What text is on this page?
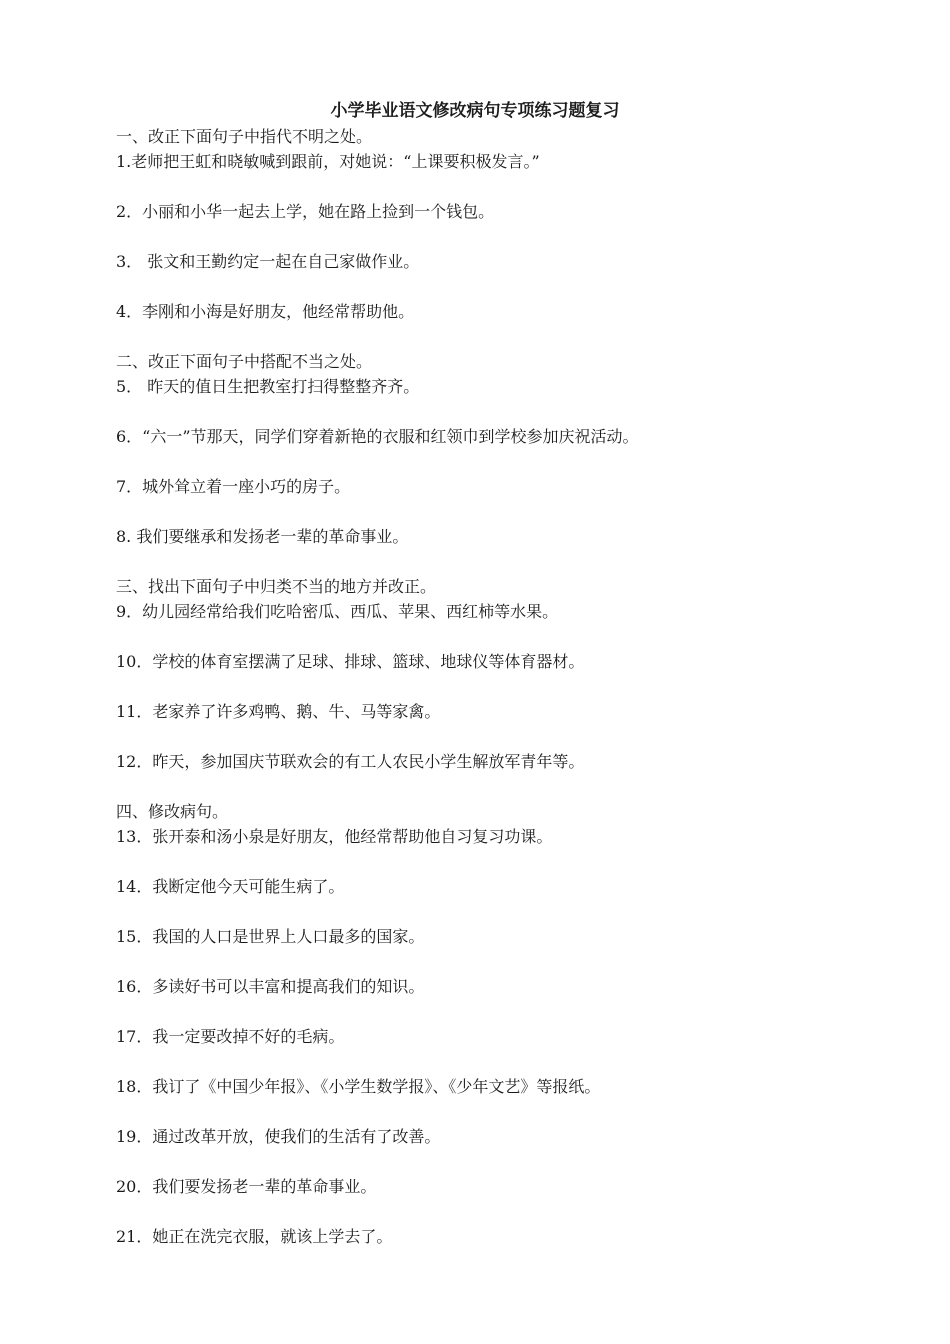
小学毕业语文修改病句专项练习题复习
一、改正下面句子中指代不明之处。
1.老师把王虹和晓敏喊到跟前，对她说：“上课要积极发言。”
2．小丽和小华一起去上学，她在路上捡到一个钱包。
3． 张文和王勤约定一起在自己家做作业。
4．李刚和小海是好朋友，他经常帮助他。
二、改正下面句子中搭配不当之处。
5． 昨天的值日生把教室打扫得整整齐齐。
6．“六一”节那天，同学们穿着新艳的衣服和红领巾到学校参加庆祝活动。
7．城外耸立着一座小巧的房子。
8. 我们要继承和发扬老一辈的革命事业。
三、找出下面句子中归类不当的地方并改正。
9．幼儿园经常给我们吃哈密瓜、西瓜、苹果、西红柿等水果。
10．学校的体育室摆满了足球、排球、篮球、地球仪等体育器材。
11．老家养了许多鸡鸭、鹅、牛、马等家禽。
12．昨天，参加国庆节联欢会的有工人农民小学生解放军青年等。
四、修改病句。
13．张开泰和汤小泉是好朋友，他经常帮助他自习复习功课。
14．我断定他今天可能生病了。
15．我国的人口是世界上人口最多的国家。
16．多读好书可以丰富和提高我们的知识。
17．我一定要改掉不好的毛病。
18．我订了《中国少年报》、《小学生数学报》、《少年文艺》等报纸。
19．通过改革开放，使我们的生活有了改善。
20．我们要发扬老一辈的革命事业。
21．她正在洗完衣服，就该上学去了。
